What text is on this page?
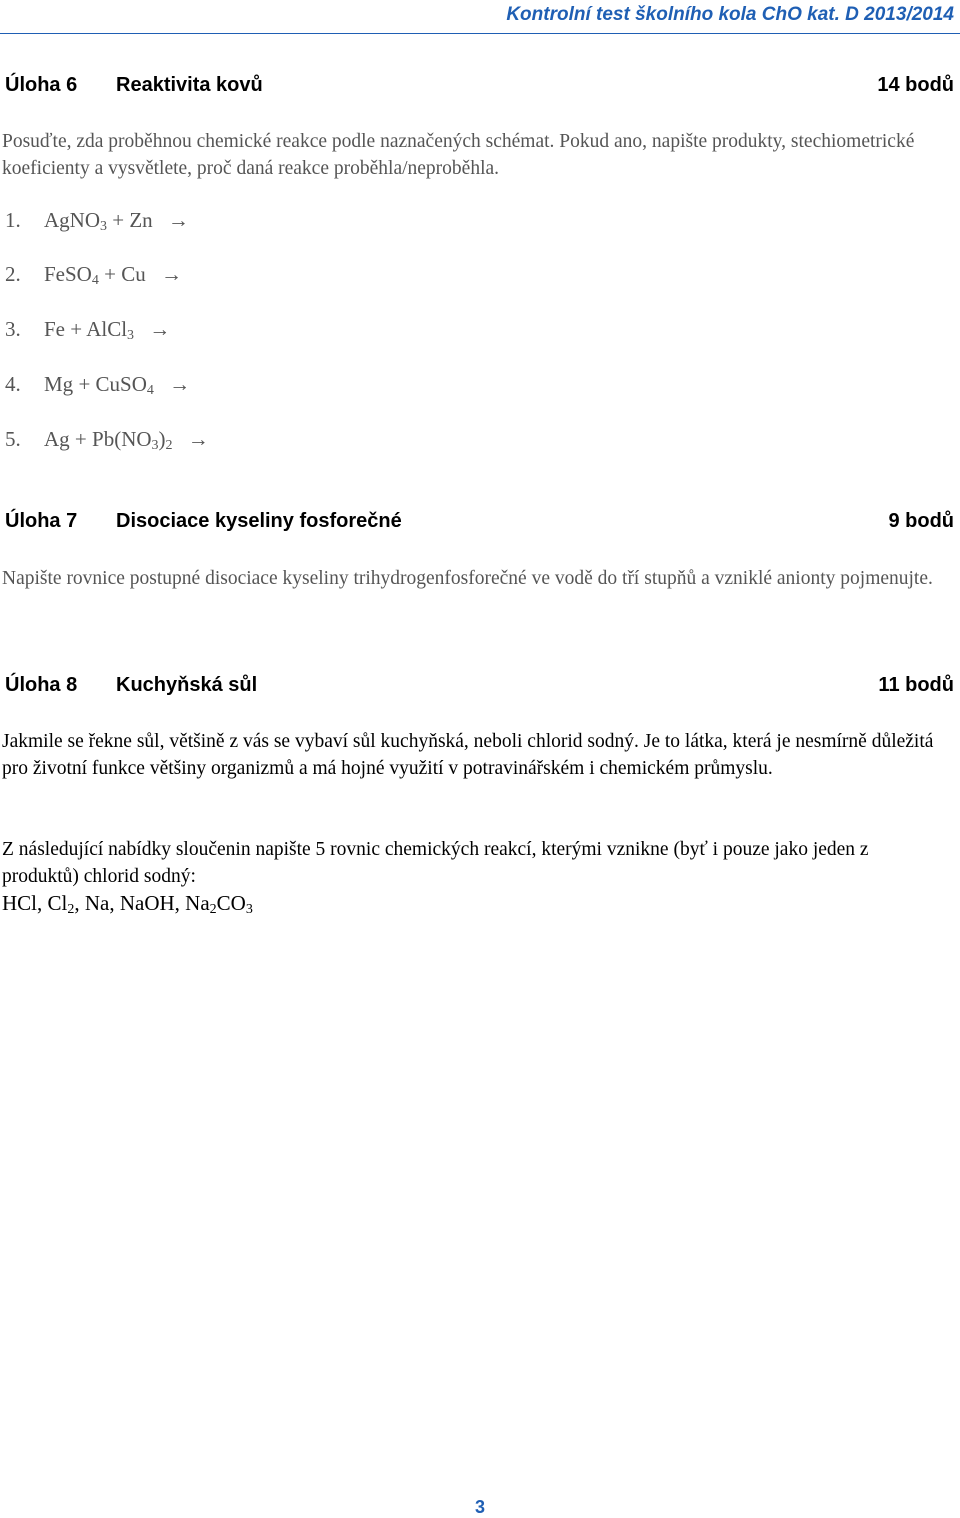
Kontrolní test školního kola ChO kat. D 2013/2014
Úloha 6 Reaktivita kovů	14 bodů
Posuďte, zda proběhnou chemické reakce podle naznačených schémat. Pokud ano, napište produkty, stechiometrické koeficienty a vysvětlete, proč daná reakce proběhla/neproběhla.
1. AgNO$_3$ + Zn →
2. FeSO$_4$ + Cu →
3. Fe + AlCl$_3$ →
4. Mg + CuSO$_4$ →
5. $Ag + Pb(NO_3)_2$ →
Úloha 7 Disociace kyseliny fosforečné	9 bodů
Napište rovnice postupné disociace kyseliny trihydrogenfosforečné ve vodě do tří stupňů a vzniklé anionty pojmenujte.
Úloha 8 Kuchyňská sůl	11 bodů
Jakmile se řekne sůl, většině z vás se vybaví sůl kuchyňská, neboli chlorid sodný. Je to látka, která je nesmírně důležitá pro životní funkce většiny organizmů a má hojné využití v potravinářském i chemickém průmyslu.
Z následující nabídky sloučenin napište 5 rovnic chemických reakcí, kterými vznikne (byť i pouze jako jeden z produktů) chlorid sodný:
HCl, $Cl_2$, Na, NaOH, $Na_2CO_3$
3
